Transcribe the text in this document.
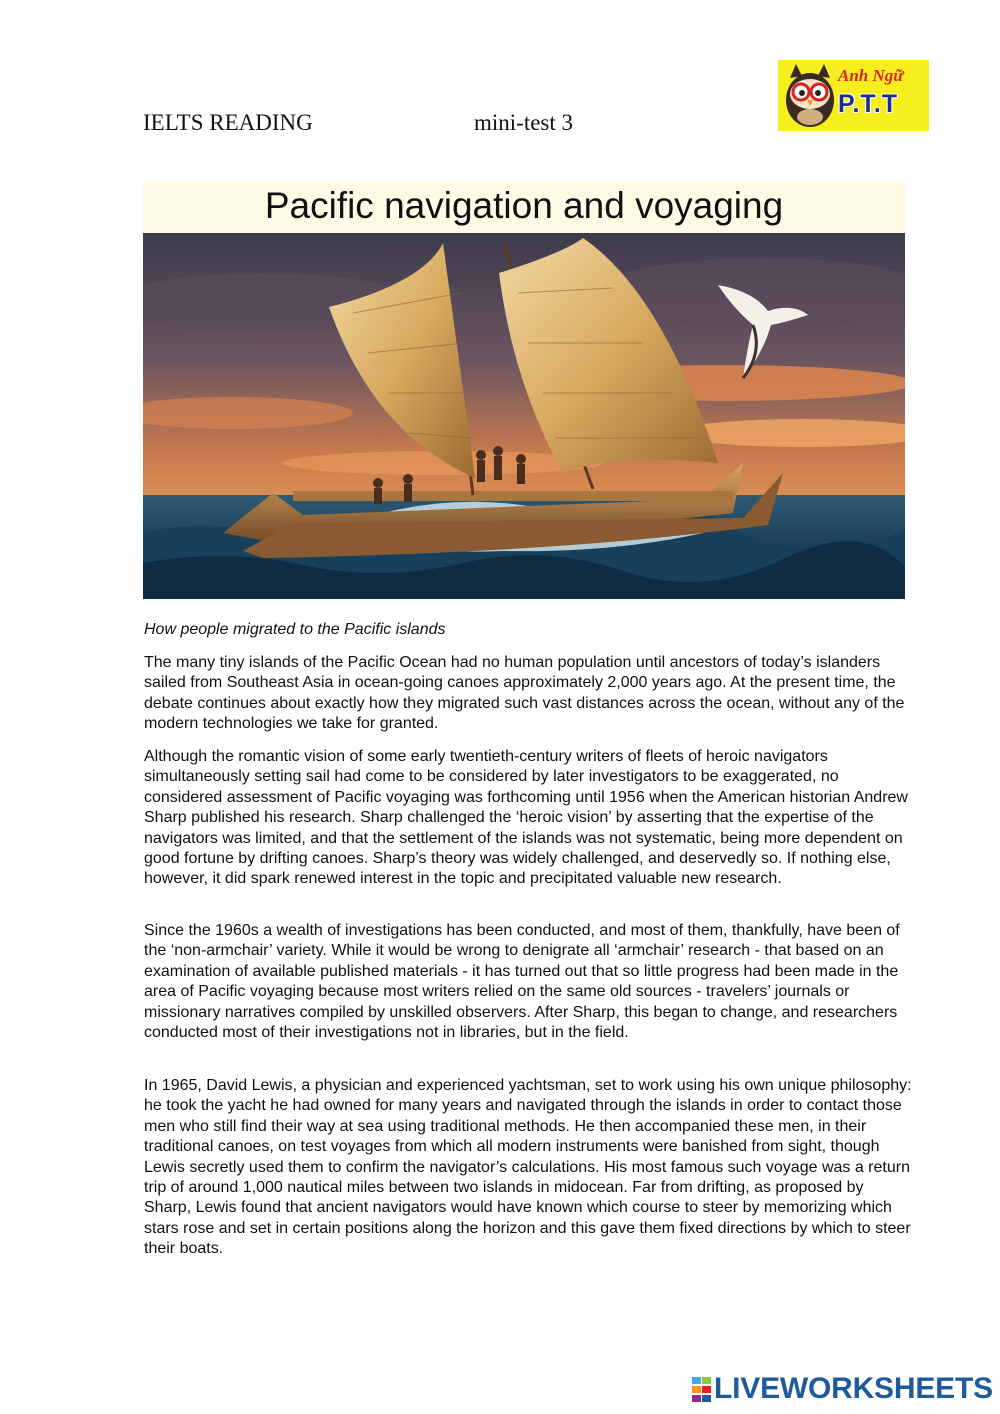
IELTS READING	mini-test 3
Anh Ngữ
P.T.T
Pacific navigation and voyaging
How people migrated to the Pacific islands

The many tiny islands of the Pacific Ocean had no human population until ancestors of today’s islanders sailed from Southeast Asia in ocean-going canoes approximately 2,000 years ago. At the present time, the debate continues about exactly how they migrated such vast distances across the ocean, without any of the modern technologies we take for granted.

Although the romantic vision of some early twentieth-century writers of fleets of heroic navigators simultaneously setting sail had come to be considered by later investigators to be exaggerated, no considered assessment of Pacific voyaging was forthcoming until 1956 when the American historian Andrew Sharp published his research. Sharp challenged the ‘heroic vision’ by asserting that the expertise of the navigators was limited, and that the settlement of the islands was not systematic, being more dependent on good fortune by drifting canoes. Sharp’s theory was widely challenged, and deservedly so. If nothing else, however, it did spark renewed interest in the topic and precipitated valuable new research.

Since the 1960s a wealth of investigations has been conducted, and most of them, thankfully, have been of the ‘non-armchair’ variety. While it would be wrong to denigrate all ‘armchair’ research - that based on an examination of available published materials - it has turned out that so little progress had been made in the area of Pacific voyaging because most writers relied on the same old sources - travelers’ journals or missionary narratives compiled by unskilled observers. After Sharp, this began to change, and researchers conducted most of their investigations not in libraries, but in the field.

In 1965, David Lewis, a physician and experienced yachtsman, set to work using his own unique philosophy: he took the yacht he had owned for many years and navigated through the islands in order to contact those men who still find their way at sea using traditional methods. He then accompanied these men, in their traditional canoes, on test voyages from which all modern instruments were banished from sight, though Lewis secretly used them to confirm the navigator’s calculations. His most famous such voyage was a return trip of around 1,000 nautical miles between two islands in midocean. Far from drifting, as proposed by Sharp, Lewis found that ancient navigators would have known which course to steer by memorizing which stars rose and set in certain positions along the horizon and this gave them fixed directions by which to steer their boats.

LIVEWORKSHEETS
